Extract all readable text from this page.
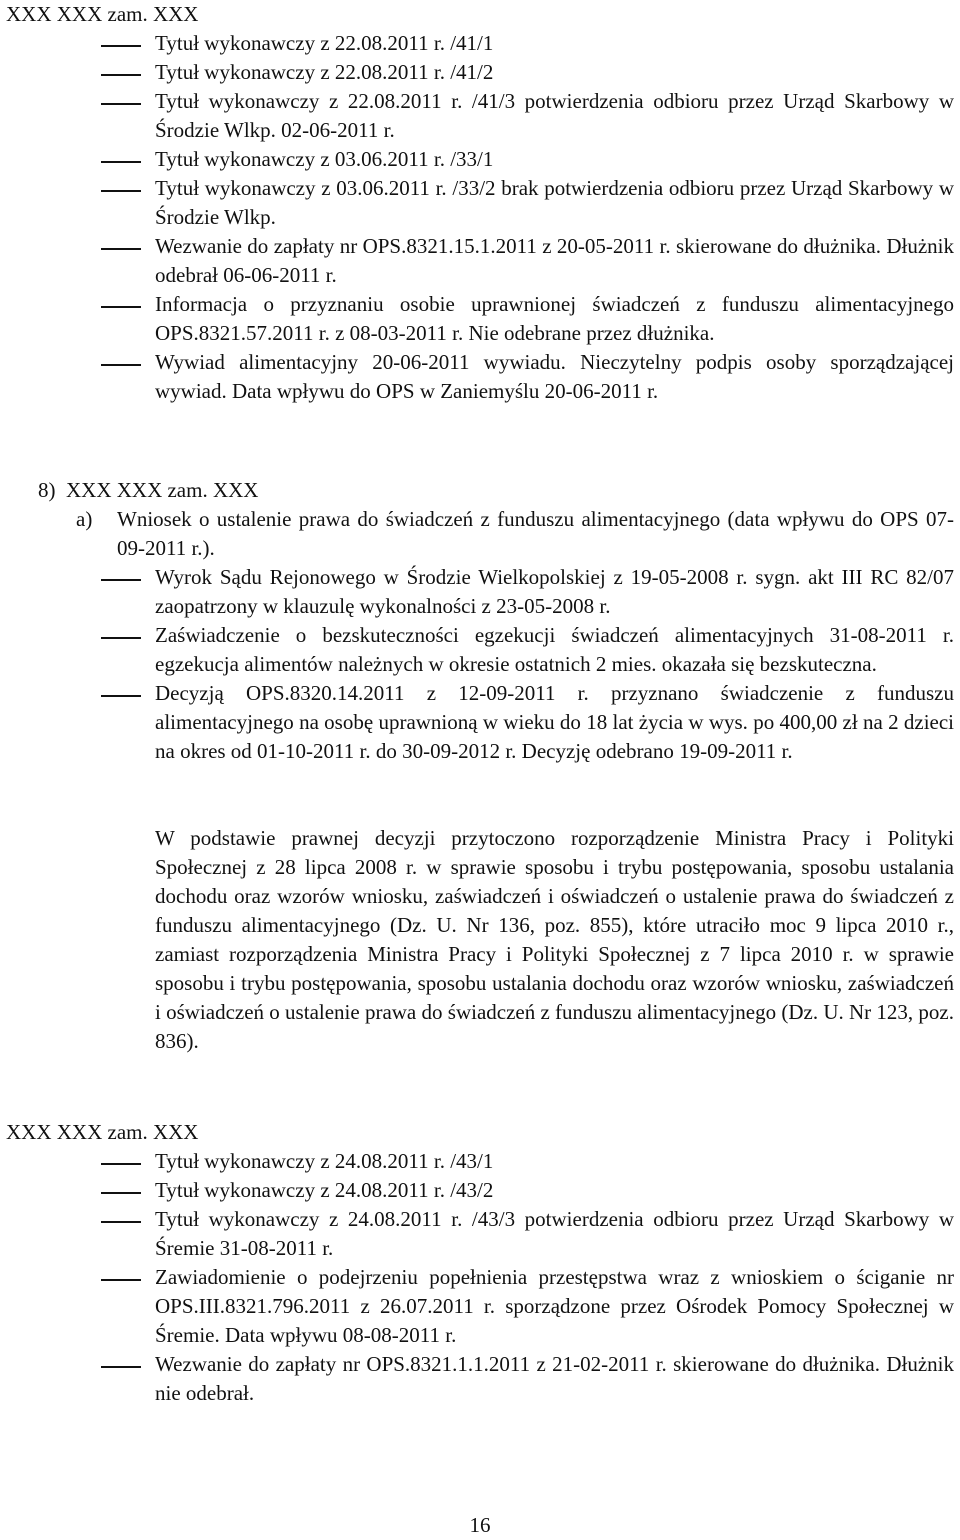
XXX XXX zam. XXX
Tytuł wykonawczy z 22.08.2011 r. /41/1
Tytuł wykonawczy z 22.08.2011 r. /41/2
Tytuł wykonawczy z 22.08.2011 r. /41/3 potwierdzenia odbioru przez Urząd Skarbowy w Środzie Wlkp. 02-06-2011 r.
Tytuł wykonawczy z 03.06.2011 r. /33/1
Tytuł wykonawczy z 03.06.2011 r. /33/2 brak potwierdzenia odbioru przez Urząd Skarbowy w Środzie Wlkp.
Wezwanie do zapłaty nr OPS.8321.15.1.2011 z 20-05-2011 r. skierowane do dłużnika. Dłużnik odebrał 06-06-2011 r.
Informacja o przyznaniu osobie uprawnionej świadczeń z funduszu alimentacyjnego OPS.8321.57.2011 r. z 08-03-2011 r. Nie odebrane przez dłużnika.
Wywiad alimentacyjny 20-06-2011 wywiadu. Nieczytelny podpis osoby sporządzającej wywiad. Data wpływu do OPS w Zaniemyślu 20-06-2011 r.
8)  XXX XXX zam. XXX
a)	Wniosek o ustalenie prawa do świadczeń z funduszu alimentacyjnego (data wpływu do OPS 07-09-2011 r.).
Wyrok Sądu Rejonowego w Środzie Wielkopolskiej z 19-05-2008 r. sygn. akt III RC 82/07 zaopatrzony w klauzulę wykonalności z 23-05-2008 r.
Zaświadczenie o bezskuteczności egzekucji świadczeń alimentacyjnych 31-08-2011 r. egzekucja alimentów należnych w okresie ostatnich 2 mies. okazała się bezskuteczna.
Decyzją OPS.8320.14.2011 z 12-09-2011 r. przyznano świadczenie z funduszu alimentacyjnego na osobę uprawnioną w wieku do 18 lat życia w wys. po 400,00 zł na 2 dzieci na okres od 01-10-2011 r. do 30-09-2012 r. Decyzję odebrano 19-09-2011 r.
W podstawie prawnej decyzji przytoczono rozporządzenie Ministra Pracy i Polityki Społecznej z 28 lipca 2008 r. w sprawie sposobu i trybu postępowania, sposobu ustalania dochodu oraz wzorów wniosku, zaświadczeń i oświadczeń o ustalenie prawa do świadczeń z funduszu alimentacyjnego (Dz. U. Nr 136, poz. 855), które utraciło moc 9 lipca 2010 r., zamiast rozporządzenia Ministra Pracy i Polityki Społecznej z 7 lipca 2010 r. w sprawie sposobu i trybu postępowania, sposobu ustalania dochodu oraz wzorów wniosku, zaświadczeń i oświadczeń o ustalenie prawa do świadczeń z funduszu alimentacyjnego (Dz. U. Nr 123, poz. 836).
XXX XXX zam. XXX
Tytuł wykonawczy z 24.08.2011 r. /43/1
Tytuł wykonawczy z 24.08.2011 r. /43/2
Tytuł wykonawczy z 24.08.2011 r. /43/3 potwierdzenia odbioru przez Urząd Skarbowy w Śremie 31-08-2011 r.
Zawiadomienie o podejrzeniu popełnienia przestępstwa wraz z wnioskiem o ściganie nr OPS.III.8321.796.2011 z 26.07.2011 r. sporządzone przez Ośrodek Pomocy Społecznej w Śremie. Data wpływu 08-08-2011 r.
Wezwanie do zapłaty nr OPS.8321.1.1.2011 z 21-02-2011 r. skierowane do dłużnika. Dłużnik nie odebrał.
16
